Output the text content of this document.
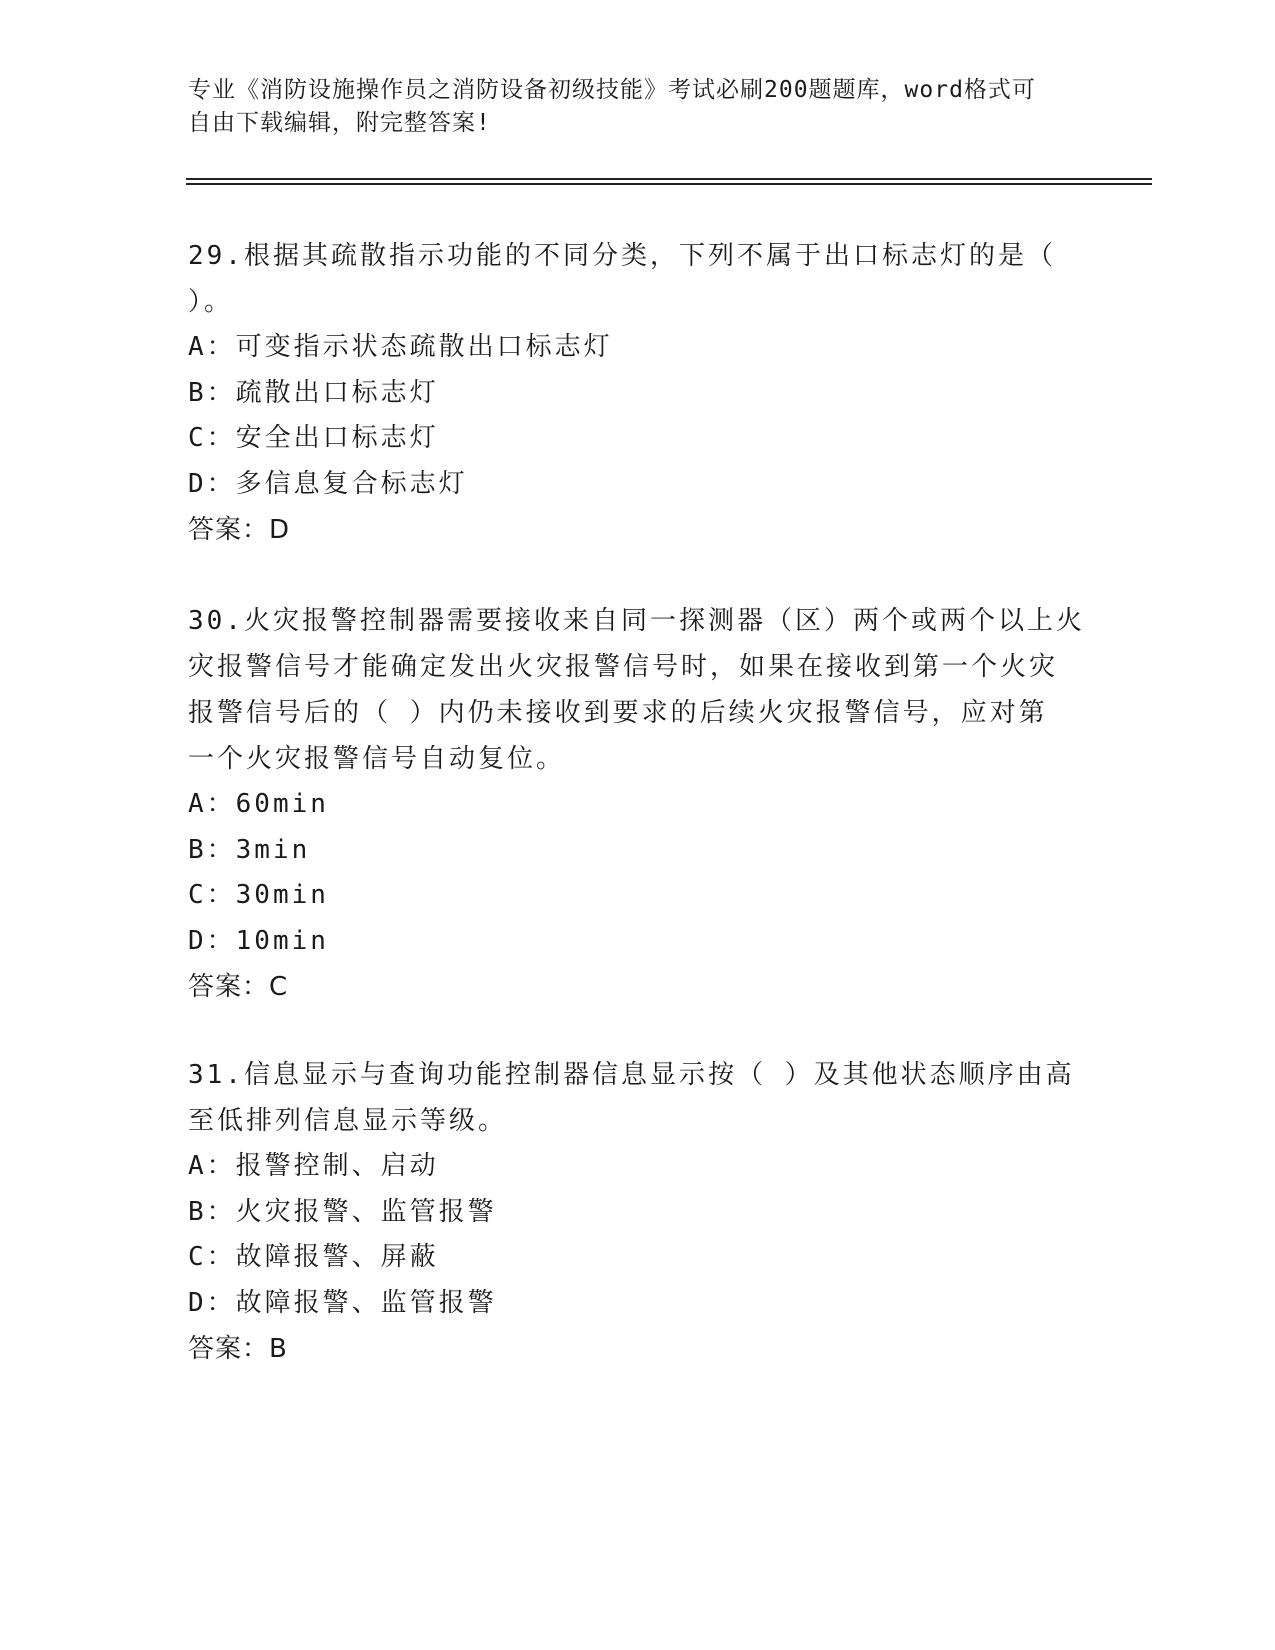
专业《消防设施操作员之消防设备初级技能》考试必刷200题题库，word格式可
自由下载编辑，附完整答案!

29.根据其疏散指示功能的不同分类，下列不属于出口标志灯的是（

）。

A：可变指示状态疏散出口标志灯

B：疏散出口标志灯

C：安全出口标志灯

D：多信息复合标志灯

答案：D

30.火灾报警控制器需要接收来自同一探测器（区）两个或两个以上火

灾报警信号才能确定发出火灾报警信号时，如果在接收到第一个火灾

报警信号后的（ ）内仍未接收到要求的后续火灾报警信号，应对第

一个火灾报警信号自动复位。

A：60min

B：3min

C：30min

D：10min

答案：C

31.信息显示与查询功能控制器信息显示按（ ）及其他状态顺序由高

至低排列信息显示等级。

A：报警控制、启动

B：火灾报警、监管报警

C：故障报警、屏蔽

D：故障报警、监管报警

答案：B
